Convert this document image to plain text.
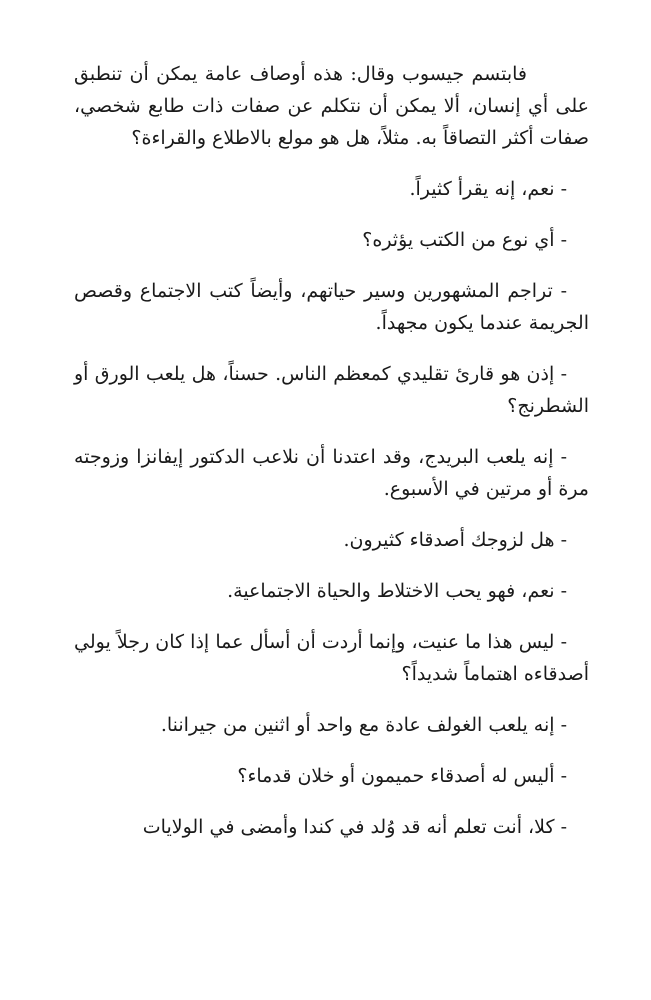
فابتسم جيسوب وقال: هذه أوصاف عامة يمكن أن تنطبق على أي إنسان، ألا يمكن أن نتكلم عن صفات ذات طابع شخصي، صفات أكثر التصاقاً به. مثلاً، هل هو مولع بالاطلاع والقراءة؟

- نعم، إنه يقرأ كثيراً.

- أي نوع من الكتب يؤثره؟

- تراجم المشهورين وسير حياتهم، وأيضاً كتب الاجتماع وقصص الجريمة عندما يكون مجهداً.

- إذن هو قارئ تقليدي كمعظم الناس. حسناً، هل يلعب الورق أو الشطرنج؟

- إنه يلعب البريدج، وقد اعتدنا أن نلاعب الدكتور إيفانزا وزوجته مرة أو مرتين في الأسبوع.

- هل لزوجك أصدقاء كثيرون.

- نعم، فهو يحب الاختلاط والحياة الاجتماعية.

- ليس هذا ما عنيت، وإنما أردت أن أسأل عما إذا كان رجلاً يولي أصدقاءه اهتماماً شديداً؟

- إنه يلعب الغولف عادة مع واحد أو اثنين من جيراننا.

- أليس له أصدقاء حميمون أو خلان قدماء؟

- كلا، أنت تعلم أنه قد وُلد في كندا وأمضى في الولايات
